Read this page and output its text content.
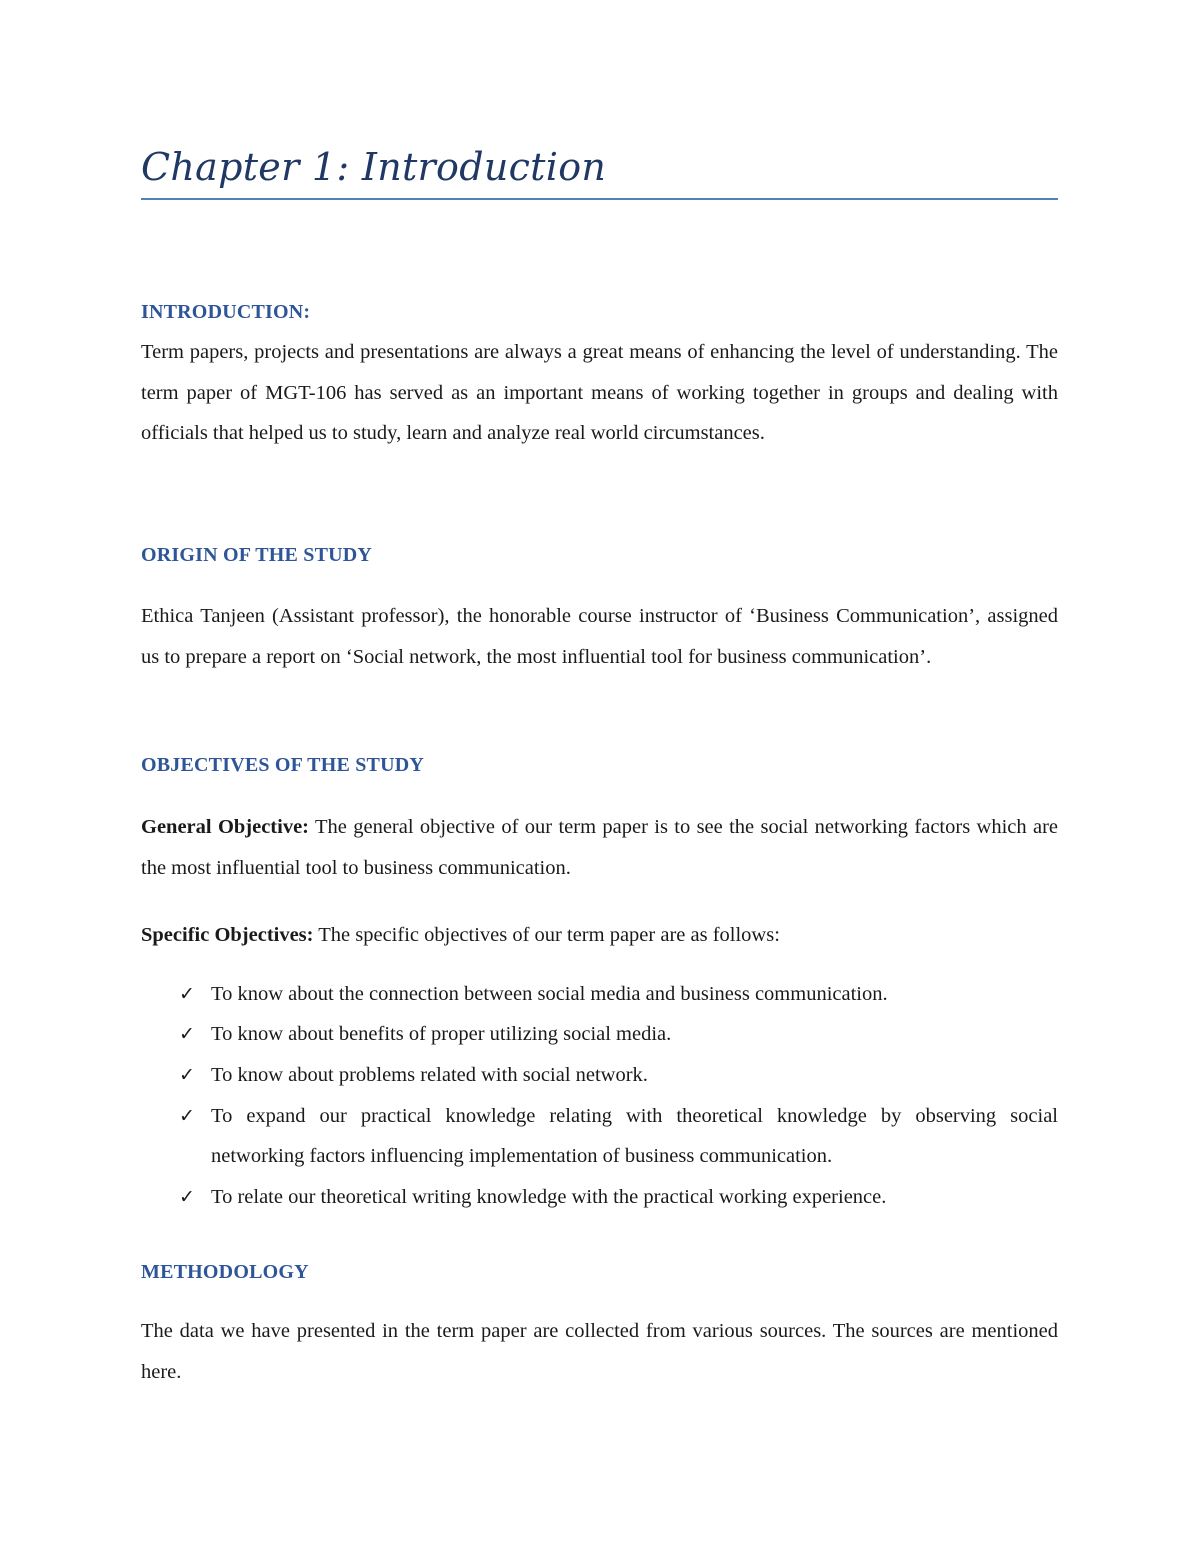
Chapter 1: Introduction
INTRODUCTION:

Term papers, projects and presentations are always a great means of enhancing the level of understanding. The term paper of MGT-106 has served as an important means of working together in groups and dealing with officials that helped us to study, learn and analyze real world circumstances.

ORIGIN OF THE STUDY

Ethica Tanjeen (Assistant professor), the honorable course instructor of ‘Business Communication’, assigned us to prepare a report on ‘Social network, the most influential tool for business communication’.

OBJECTIVES OF THE STUDY

General Objective: The general objective of our term paper is to see the social networking factors which are the most influential tool to business communication.

Specific Objectives: The specific objectives of our term paper are as follows:

✓ To know about the connection between social media and business communication.
✓ To know about benefits of proper utilizing social media.
✓ To know about problems related with social network.
✓ To expand our practical knowledge relating with theoretical knowledge by observing social networking factors influencing implementation of business communication.
✓ To relate our theoretical writing knowledge with the practical working experience.
METHODOLOGY

The data we have presented in the term paper are collected from various sources. The sources are mentioned here.
